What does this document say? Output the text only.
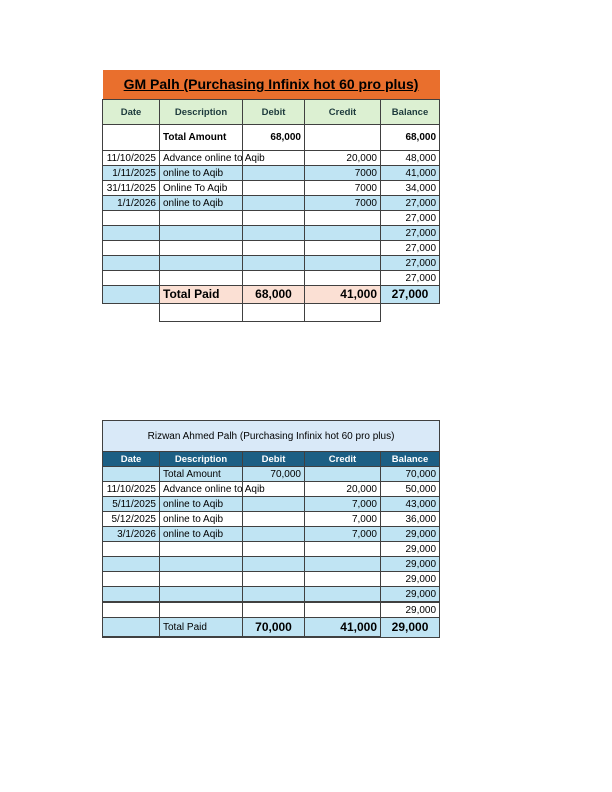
GM Palh (Purchasing Infinix hot 60 pro plus)				
Date	Description	Debit	Credit	Balance
	Total Amount	68,000		68,000
11/10/2025	Advance online to Aqib		20,000	48,000
1/11/2025	online to Aqib		7000	41,000
31/11/2025	Online To Aqib		7000	34,000
1/1/2026	online to Aqib		7000	27,000
				27,000
				27,000
				27,000
				27,000
				27,000
	Total Paid	68,000	41,000	27,000

Rizwan Ahmed Palh (Purchasing Infinix hot 60 pro plus)				
Date	Description	Debit	Credit	Balance
	Total Amount	70,000		70,000
11/10/2025	Advance online to Aqib		20,000	50,000
5/11/2025	online to Aqib		7,000	43,000
5/12/2025	online to Aqib		7,000	36,000
3/1/2026	online to Aqib		7,000	29,000
				29,000
				29,000
				29,000
				29,000
				29,000
	Total Paid	70,000	41,000	29,000
